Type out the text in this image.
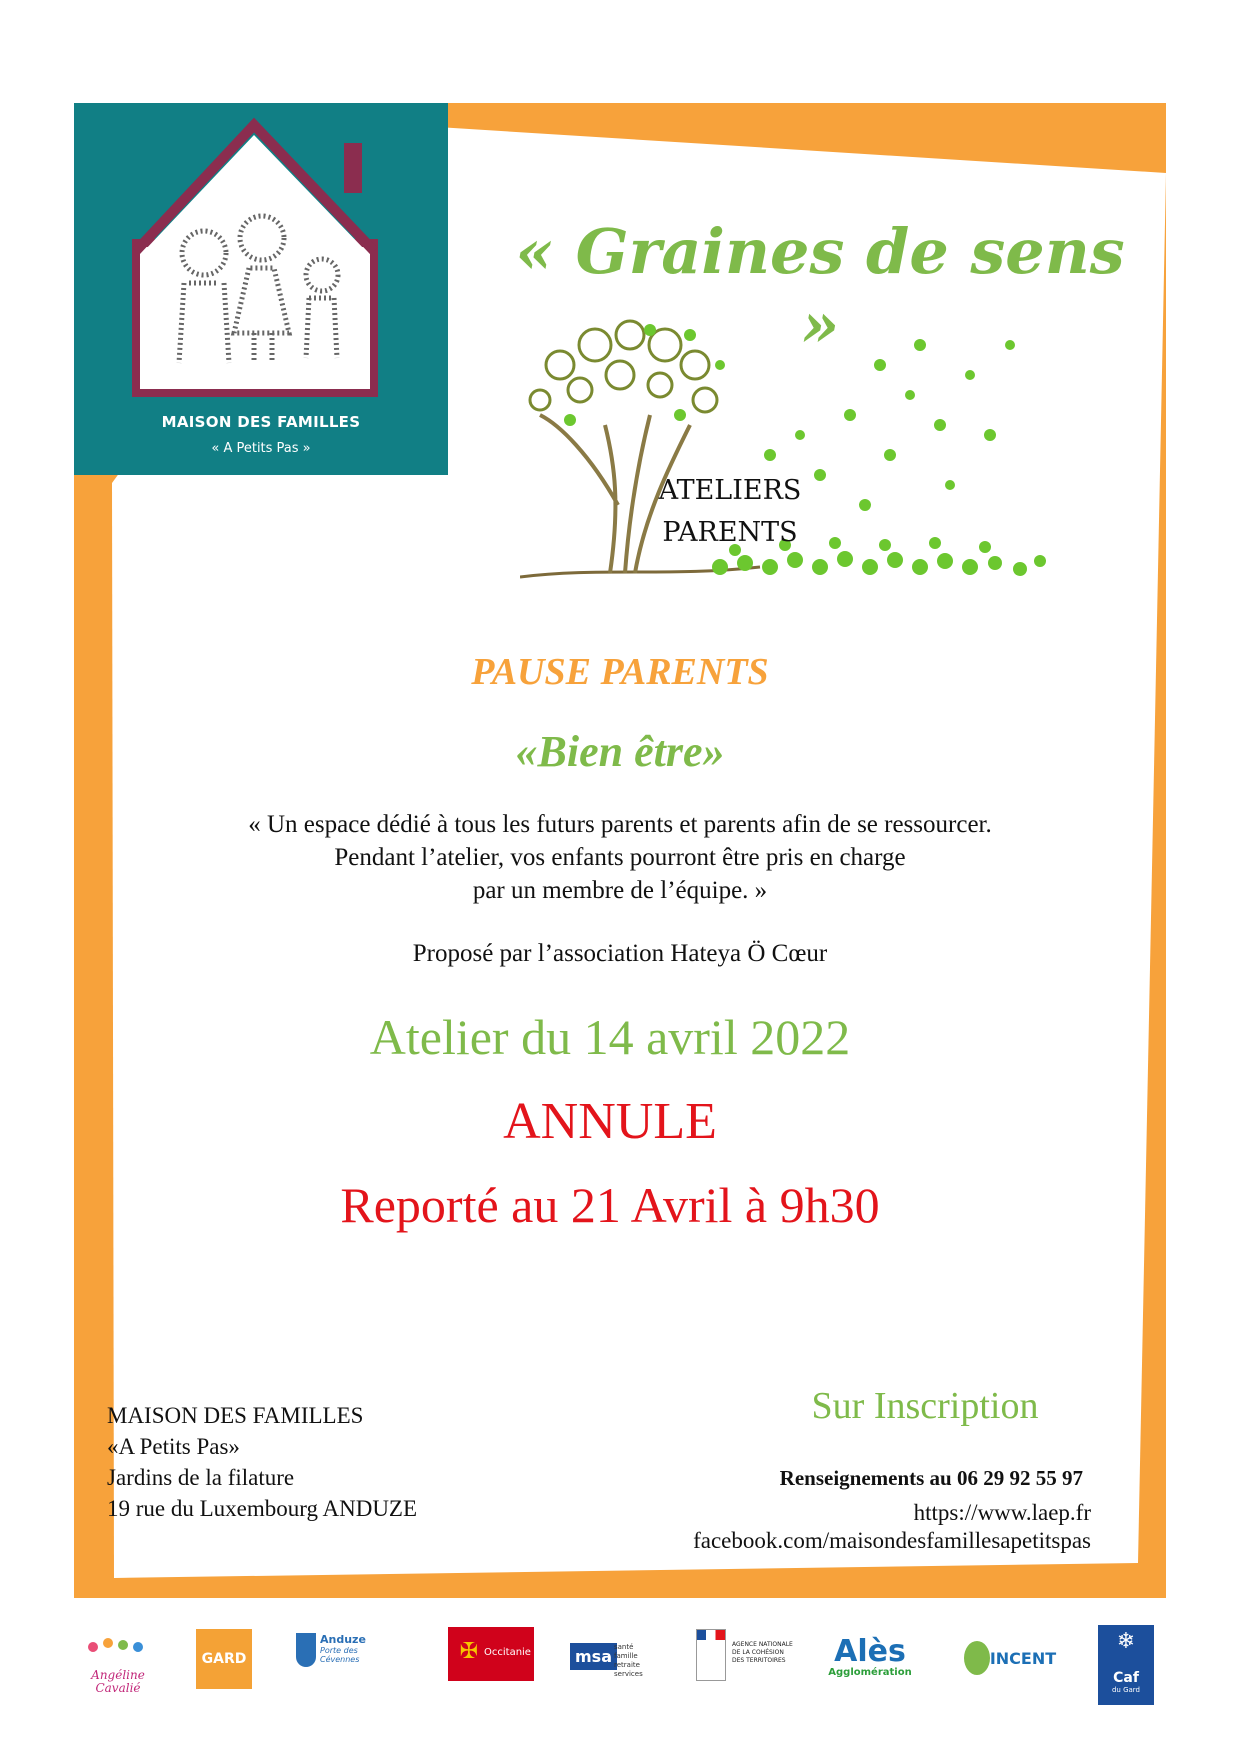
MAISON DES FAMILLES
« A Petits Pas »
« Graines de sens »
ATELIERS
PARENTS
PAUSE PARENTS
«Bien être»
« Un espace dédié à tous les futurs parents et parents afin de se ressourcer.
Pendant l’atelier, vos enfants pourront être pris en charge
par un membre de l’équipe. »
Proposé par l’association Hateya Ö Cœur
Atelier du 14 avril 2022
ANNULE
Reporté au 21 Avril à 9h30
MAISON DES FAMILLES
«A Petits Pas»
Jardins de la filature
19 rue du Luxembourg ANDUZE
Sur Inscription
Renseignements au 06 29 92 55 97
https://www.laep.fr
facebook.com/maisondesfamillesapetitspas
Angéline Cavalié
GARD
Anduze
Porte des Cévennes	✠ Occitanie	msa santé famille retraite services
AGENCE NATIONALE DE LA COHÉSION DES TERRITOIRES	Alès
Agglomération
INCENT
❄
Caf
du Gard
